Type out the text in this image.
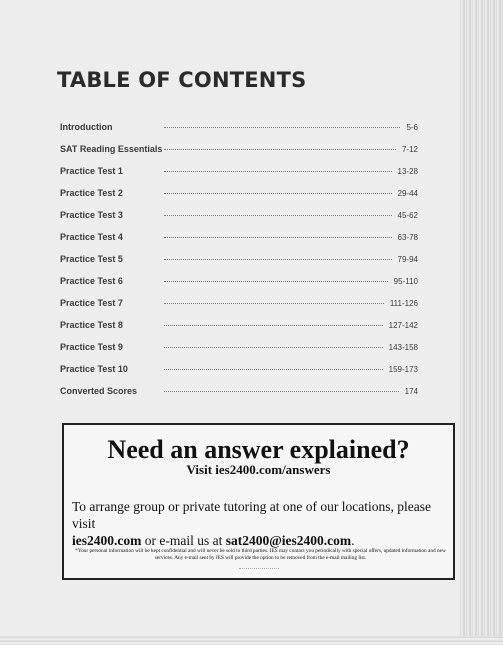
TABLE OF CONTENTS
Introduction	5-6
SAT Reading Essentials	7-12
Practice Test 1	13-28
Practice Test 2	29-44
Practice Test 3	45-62
Practice Test 4	63-78
Practice Test 5	79-94
Practice Test 6	95-110
Practice Test 7	111-126
Practice Test 8	127-142
Practice Test 9	143-158
Practice Test 10	159-173
Converted Scores	174
Need an answer explained?
Visit ies2400.com/answers
To arrange group or private tutoring at one of our locations, please visit
ies2400.com or e-mail us at sat2400@ies2400.com.
*Your personal information will be kept confidential and will never be sold to third parties. IES may contact you periodically with special offers, updated information and new services. Any e-mail sent by IES will provide the option to be removed from the e-mail mailing list.
